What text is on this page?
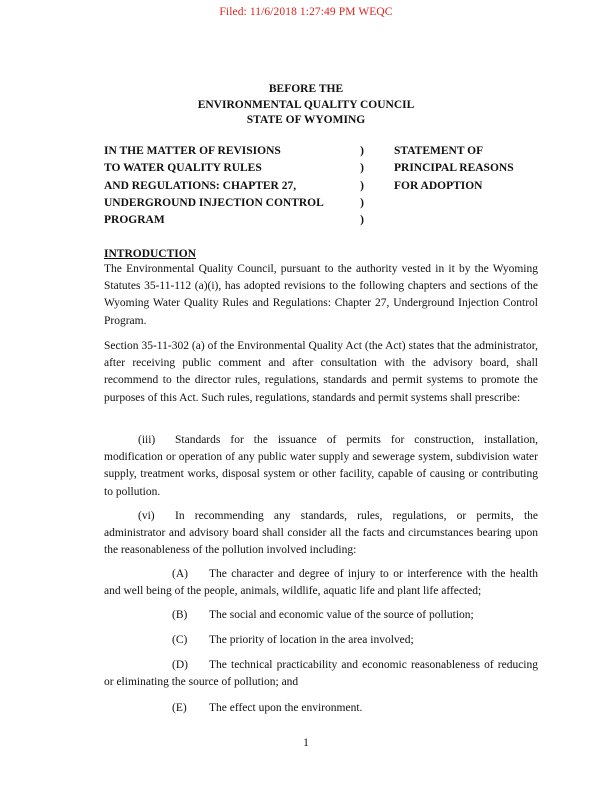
Filed: 11/6/2018 1:27:49 PM WEQC
BEFORE THE
ENVIRONMENTAL QUALITY COUNCIL
STATE OF WYOMING
IN THE MATTER OF REVISIONS
TO WATER QUALITY RULES
AND REGULATIONS: CHAPTER 27,
UNDERGROUND INJECTION CONTROL
PROGRAM
)
)
)
)
)
STATEMENT OF
PRINCIPAL REASONS
FOR ADOPTION
INTRODUCTION

The Environmental Quality Council, pursuant to the authority vested in it by the Wyoming Statutes 35-11-112 (a)(i), has adopted revisions to the following chapters and sections of the Wyoming Water Quality Rules and Regulations: Chapter 27, Underground Injection Control Program.

Section 35-11-302 (a) of the Environmental Quality Act (the Act) states that the administrator, after receiving public comment and after consultation with the advisory board, shall recommend to the director rules, regulations, standards and permit systems to promote the purposes of this Act. Such rules, regulations, standards and permit systems shall prescribe:

(iii) Standards for the issuance of permits for construction, installation, modification or operation of any public water supply and sewerage system, subdivision water supply, treatment works, disposal system or other facility, capable of causing or contributing to pollution.

(vi) In recommending any standards, rules, regulations, or permits, the administrator and advisory board shall consider all the facts and circumstances bearing upon the reasonableness of the pollution involved including:

(A) The character and degree of injury to or interference with the health and well being of the people, animals, wildlife, aquatic life and plant life affected;

(B) The social and economic value of the source of pollution;

(C) The priority of location in the area involved;

(D) The technical practicability and economic reasonableness of reducing or eliminating the source of pollution; and

(E) The effect upon the environment.

1
